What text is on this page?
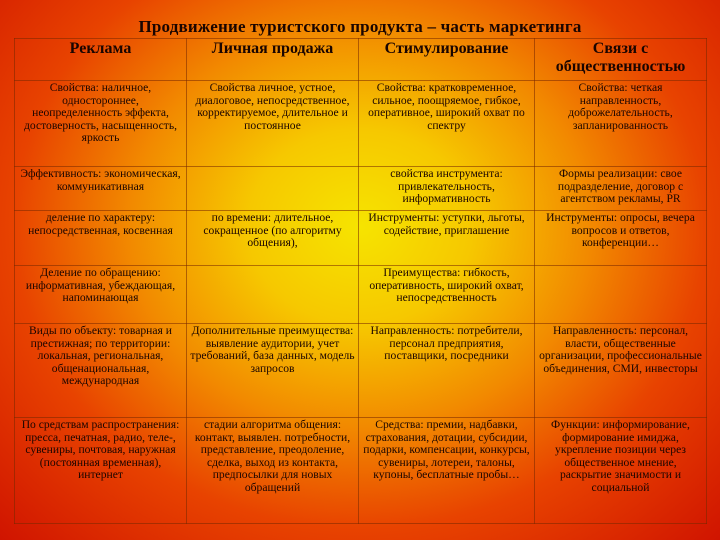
Продвижение туристского продукта – часть маркетинга
Реклама	Личная продажа	Стимулирование	Связи с общественностью
Свойства: наличное, одностороннее, неопределенность эффекта, достоверность, насыщенность, яркость	Свойства личное, устное, диалоговое, непосредственное, корректируемое, длительное и постоянное	Свойства: кратковременное, сильное, поощряемое, гибкое, оперативное, широкий охват по спектру	Свойства: четкая направленность, доброжелательность, запланированность
Эффективность: экономическая, коммуникативная		свойства инструмента: привлекательность, информативность	Формы реализации: свое подразделение, договор с агентством рекламы, PR
деление по характеру: непосредственная, косвенная	по времени: длительное, сокращенное (по алгоритму общения),	Инструменты: уступки, льготы, содействие, приглашение	Инструменты: опросы, вечера вопросов и ответов, конференции…
Деление по обращению: информативная, убеждающая, напоминающая		Преимущества: гибкость, оперативность, широкий охват, непосредственность	
Виды по объекту: товарная и престижная; по территории: локальная, региональная, общенациональная, международная	Дополнительные преимущества: выявление аудитории, учет требований, база данных, модель запросов	Направленность: потребители, персонал предприятия, поставщики, посредники	Направленность: персонал, власти, общественные организации, профессиональные объединения, СМИ, инвесторы
По средствам распространения: пресса, печатная, радио, теле-, сувениры, почтовая, наружная (постоянная временная), интернет	стадии алгоритма общения: контакт, выявлен. потребности, представление, преодоление, сделка, выход из контакта, предпосылки для новых обращений	Средства: премии, надбавки, страхования, дотации, субсидии, подарки, компенсации, конкурсы, сувениры, лотереи, талоны, купоны, бесплатные пробы…	Функции: информирование, формирование имиджа, укрепление позиции через общественное мнение, раскрытие значимости и социальной
